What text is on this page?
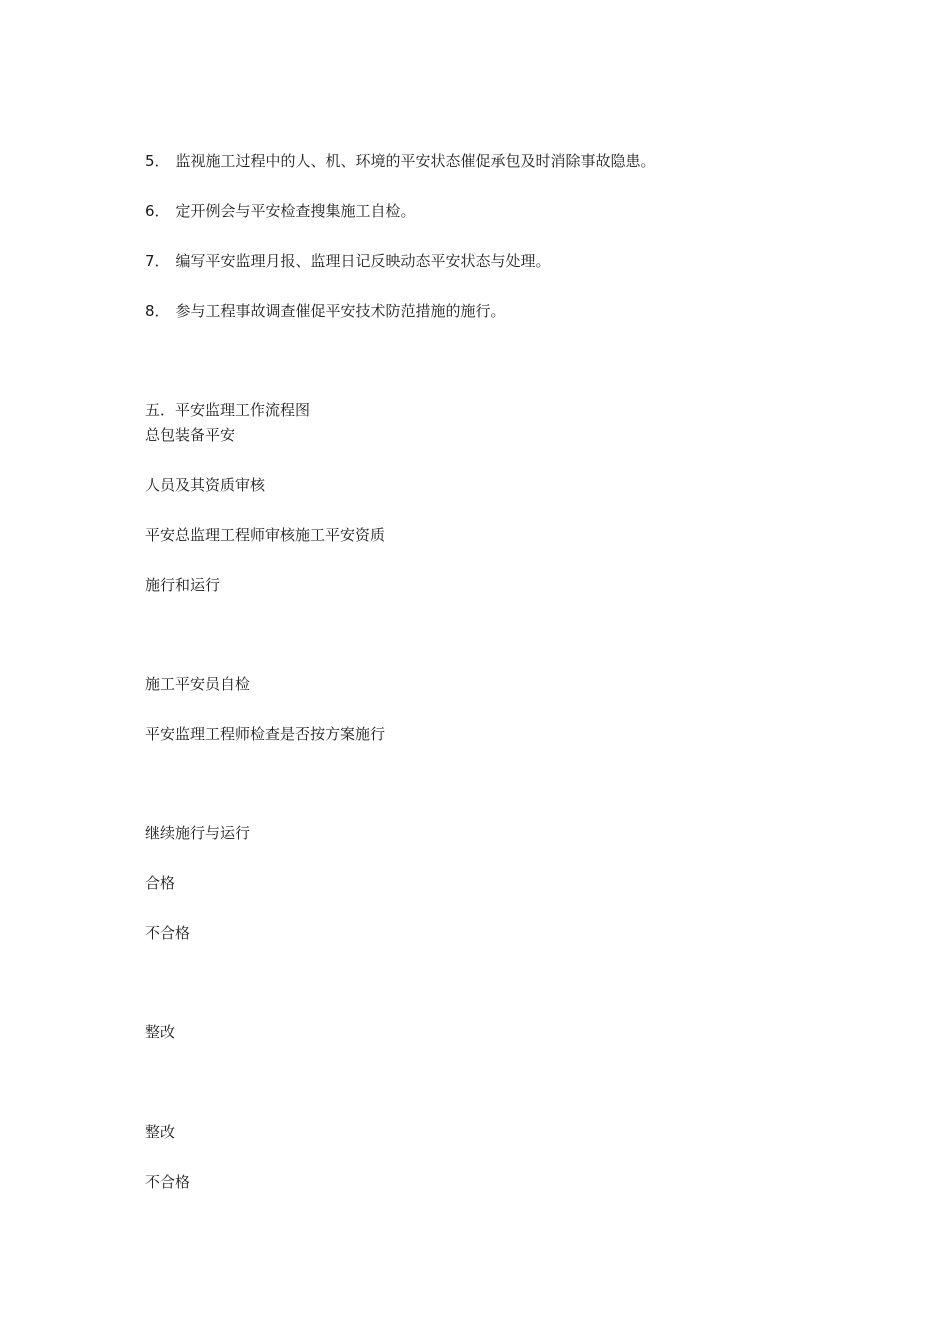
5． 监视施工过程中的人、机、环境的平安状态催促承包及时消除事故隐患。
6． 定开例会与平安检查搜集施工自检。
7． 编写平安监理月报、监理日记反映动态平安状态与处理。
8． 参与工程事故调查催促平安技术防范措施的施行。
五．平安监理工作流程图
总包装备平安
人员及其资质审核
平安总监理工程师审核施工平安资质
施行和运行
施工平安员自检
平安监理工程师检查是否按方案施行
继续施行与运行
合格
不合格
整改
整改
不合格
